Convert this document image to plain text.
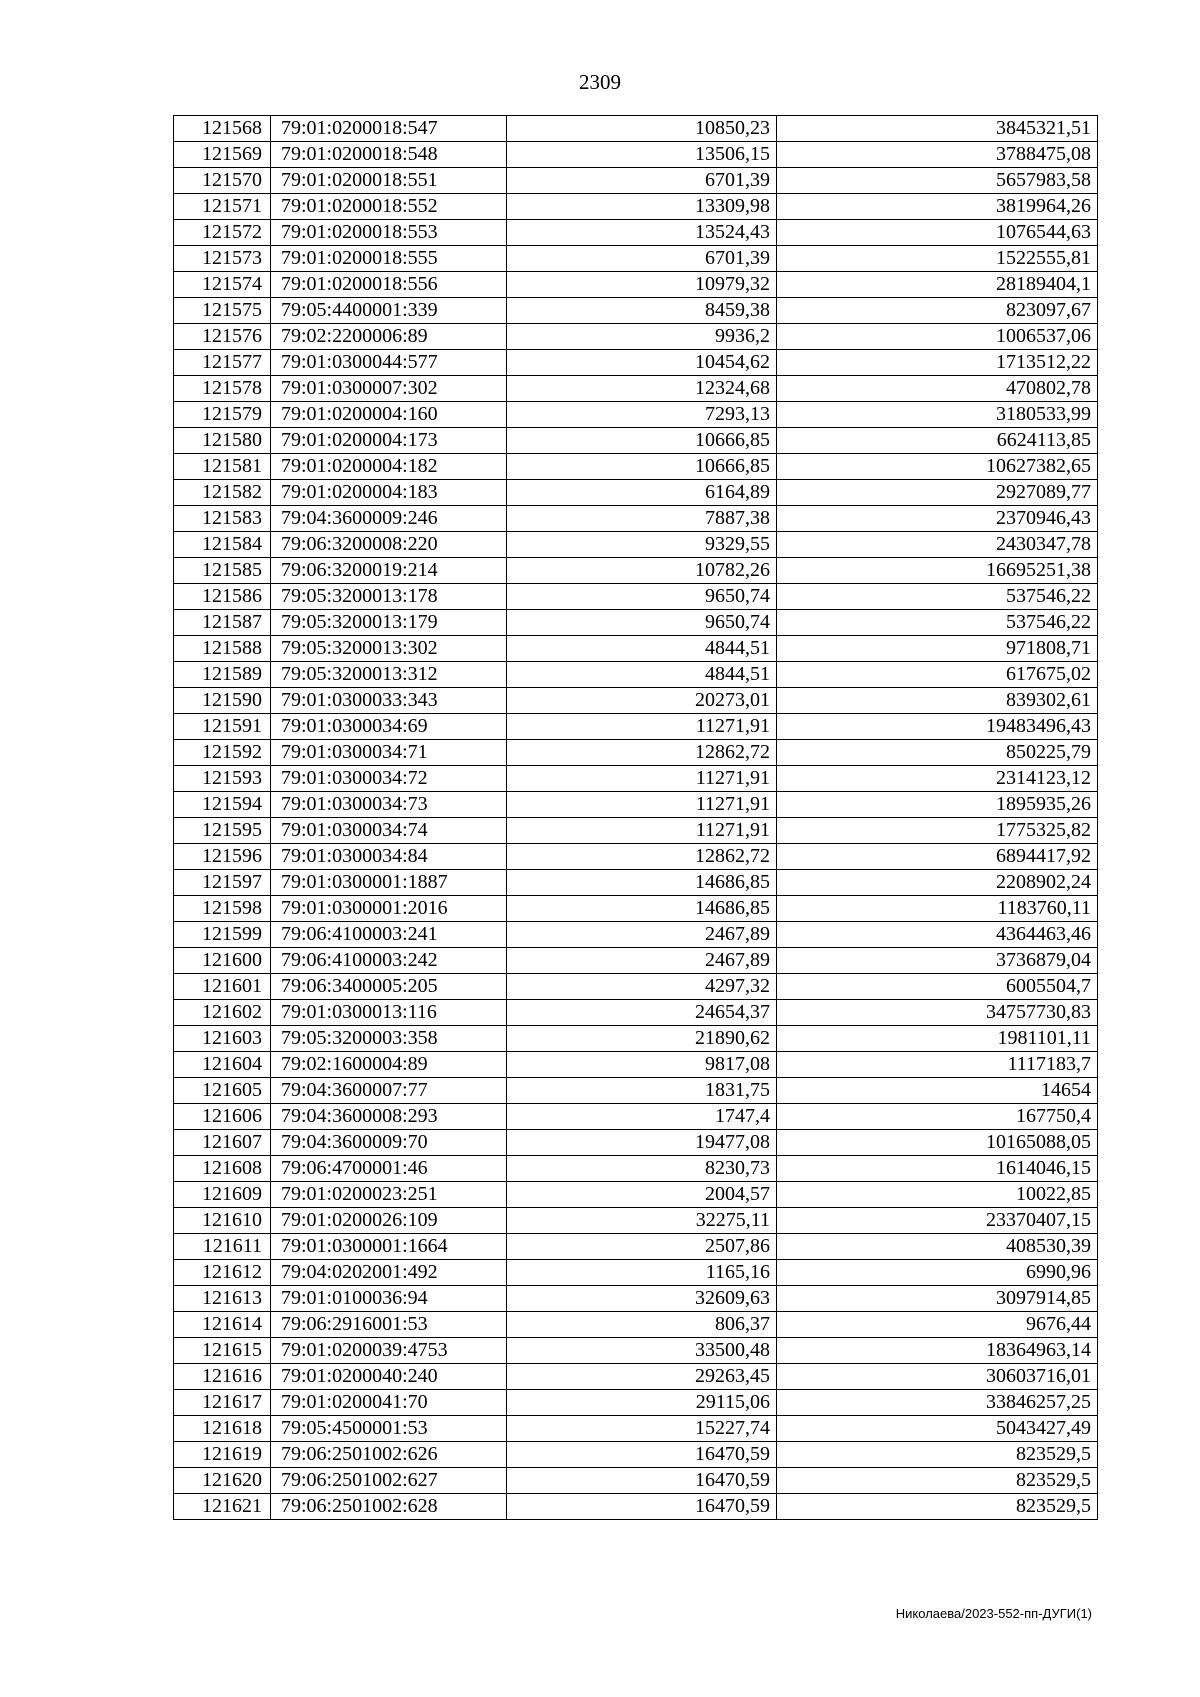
2309
121568	79:01:0200018:547	10850,23	3845321,51
121569	79:01:0200018:548	13506,15	3788475,08
121570	79:01:0200018:551	6701,39	5657983,58
121571	79:01:0200018:552	13309,98	3819964,26
121572	79:01:0200018:553	13524,43	1076544,63
121573	79:01:0200018:555	6701,39	1522555,81
121574	79:01:0200018:556	10979,32	28189404,1
121575	79:05:4400001:339	8459,38	823097,67
121576	79:02:2200006:89	9936,2	1006537,06
121577	79:01:0300044:577	10454,62	1713512,22
121578	79:01:0300007:302	12324,68	470802,78
121579	79:01:0200004:160	7293,13	3180533,99
121580	79:01:0200004:173	10666,85	6624113,85
121581	79:01:0200004:182	10666,85	10627382,65
121582	79:01:0200004:183	6164,89	2927089,77
121583	79:04:3600009:246	7887,38	2370946,43
121584	79:06:3200008:220	9329,55	2430347,78
121585	79:06:3200019:214	10782,26	16695251,38
121586	79:05:3200013:178	9650,74	537546,22
121587	79:05:3200013:179	9650,74	537546,22
121588	79:05:3200013:302	4844,51	971808,71
121589	79:05:3200013:312	4844,51	617675,02
121590	79:01:0300033:343	20273,01	839302,61
121591	79:01:0300034:69	11271,91	19483496,43
121592	79:01:0300034:71	12862,72	850225,79
121593	79:01:0300034:72	11271,91	2314123,12
121594	79:01:0300034:73	11271,91	1895935,26
121595	79:01:0300034:74	11271,91	1775325,82
121596	79:01:0300034:84	12862,72	6894417,92
121597	79:01:0300001:1887	14686,85	2208902,24
121598	79:01:0300001:2016	14686,85	1183760,11
121599	79:06:4100003:241	2467,89	4364463,46
121600	79:06:4100003:242	2467,89	3736879,04
121601	79:06:3400005:205	4297,32	6005504,7
121602	79:01:0300013:116	24654,37	34757730,83
121603	79:05:3200003:358	21890,62	1981101,11
121604	79:02:1600004:89	9817,08	1117183,7
121605	79:04:3600007:77	1831,75	14654
121606	79:04:3600008:293	1747,4	167750,4
121607	79:04:3600009:70	19477,08	10165088,05
121608	79:06:4700001:46	8230,73	1614046,15
121609	79:01:0200023:251	2004,57	10022,85
121610	79:01:0200026:109	32275,11	23370407,15
121611	79:01:0300001:1664	2507,86	408530,39
121612	79:04:0202001:492	1165,16	6990,96
121613	79:01:0100036:94	32609,63	3097914,85
121614	79:06:2916001:53	806,37	9676,44
121615	79:01:0200039:4753	33500,48	18364963,14
121616	79:01:0200040:240	29263,45	30603716,01
121617	79:01:0200041:70	29115,06	33846257,25
121618	79:05:4500001:53	15227,74	5043427,49
121619	79:06:2501002:626	16470,59	823529,5
121620	79:06:2501002:627	16470,59	823529,5
121621	79:06:2501002:628	16470,59	823529,5
Николаева/2023-552-пп-ДУГИ(1)
